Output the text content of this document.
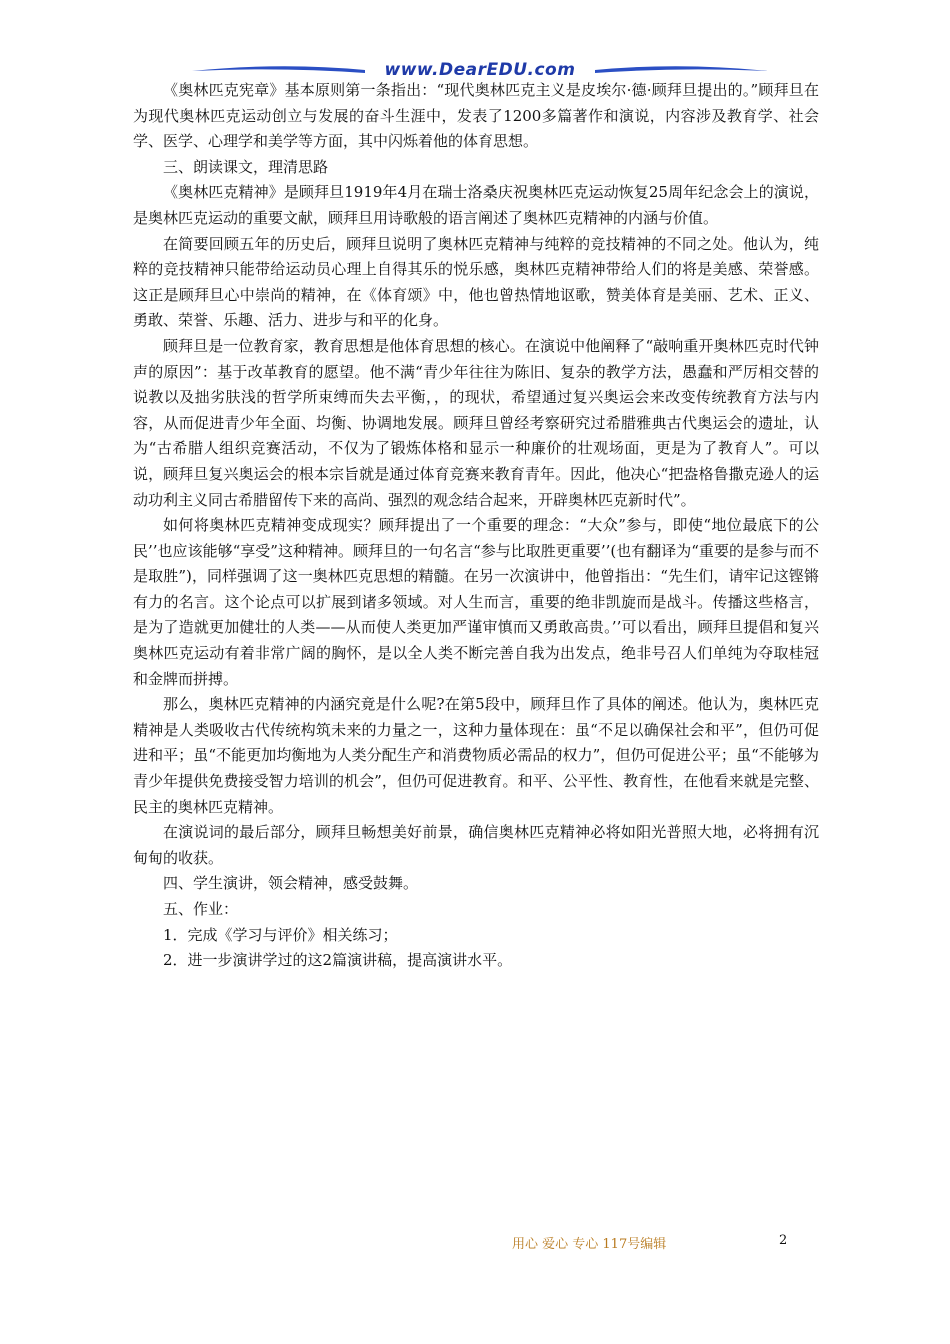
www.DearEDU.com

《奥林匹克宪章》基本原则第一条指出：“现代奥林匹克主义是皮埃尔·德·顾拜旦提出的。”顾拜旦在为现代奥林匹克运动创立与发展的奋斗生涯中，发表了1200多篇著作和演说，内容涉及教育学、社会学、医学、心理学和美学等方面，其中闪烁着他的体育思想。

三、朗读课文，理清思路

《奥林匹克精神》是顾拜旦1919年4月在瑞士洛桑庆祝奥林匹克运动恢复25周年纪念会上的演说，是奥林匹克运动的重要文献，顾拜旦用诗歌般的语言阐述了奥林匹克精神的内涵与价值。

在简要回顾五年的历史后，顾拜旦说明了奥林匹克精神与纯粹的竞技精神的不同之处。他认为，纯粹的竞技精神只能带给运动员心理上自得其乐的悦乐感，奥林匹克精神带给人们的将是美感、荣誉感。这正是顾拜旦心中崇尚的精神，在《体育颂》中，他也曾热情地讴歌，赞美体育是美丽、艺术、正义、勇敢、荣誉、乐趣、活力、进步与和平的化身。

顾拜旦是一位教育家，教育思想是他体育思想的核心。在演说中他阐释了“敲响重开奥林匹克时代钟声的原因”：基于改革教育的愿望。他不满“青少年往往为陈旧、复杂的教学方法，愚蠢和严厉相交替的说教以及拙劣肤浅的哲学所束缚而失去平衡，，的现状，希望通过复兴奥运会来改变传统教育方法与内容，从而促进青少年全面、均衡、协调地发展。顾拜旦曾经考察研究过希腊雅典古代奥运会的遗址，认为“古希腊人组织竞赛活动，不仅为了锻炼体格和显示一种廉价的壮观场面，更是为了教育人”。可以说，顾拜旦复兴奥运会的根本宗旨就是通过体育竞赛来教育青年。因此，他决心“把盎格鲁撒克逊人的运动功利主义同古希腊留传下来的高尚、强烈的观念结合起来，开辟奥林匹克新时代”。

如何将奥林匹克精神变成现实？顾拜提出了一个重要的理念：“大众”参与，即使“地位最底下的公民’’也应该能够“享受”这种精神。顾拜旦的一句名言“参与比取胜更重要’’(也有翻译为“重要的是参与而不是取胜”)，同样强调了这一奥林匹克思想的精髓。在另一次演讲中，他曾指出：“先生们，请牢记这铿锵有力的名言。这个论点可以扩展到诸多领域。对人生而言，重要的绝非凯旋而是战斗。传播这些格言，是为了造就更加健壮的人类——从而使人类更加严谨审慎而又勇敢高贵。’’可以看出，顾拜旦提倡和复兴奥林匹克运动有着非常广阔的胸怀，是以全人类不断完善自我为出发点，绝非号召人们单纯为夺取桂冠和金牌而拼搏。

那么，奥林匹克精神的内涵究竟是什么呢?在第5段中，顾拜旦作了具体的阐述。他认为，奥林匹克精神是人类吸收古代传统构筑未来的力量之一，这种力量体现在：虽“不足以确保社会和平”，但仍可促进和平；虽“不能更加均衡地为人类分配生产和消费物质必需品的权力”，但仍可促进公平；虽“不能够为青少年提供免费接受智力培训的机会”，但仍可促进教育。和平、公平性、教育性，在他看来就是完整、民主的奥林匹克精神。

在演说词的最后部分，顾拜旦畅想美好前景，确信奥林匹克精神必将如阳光普照大地，必将拥有沉甸甸的收获。

四、学生演讲，领会精神，感受鼓舞。

五、作业：

1．完成《学习与评价》相关练习；

2．进一步演讲学过的这2篇演讲稿，提高演讲水平。

用心 爱心 专心 117号编辑	2
